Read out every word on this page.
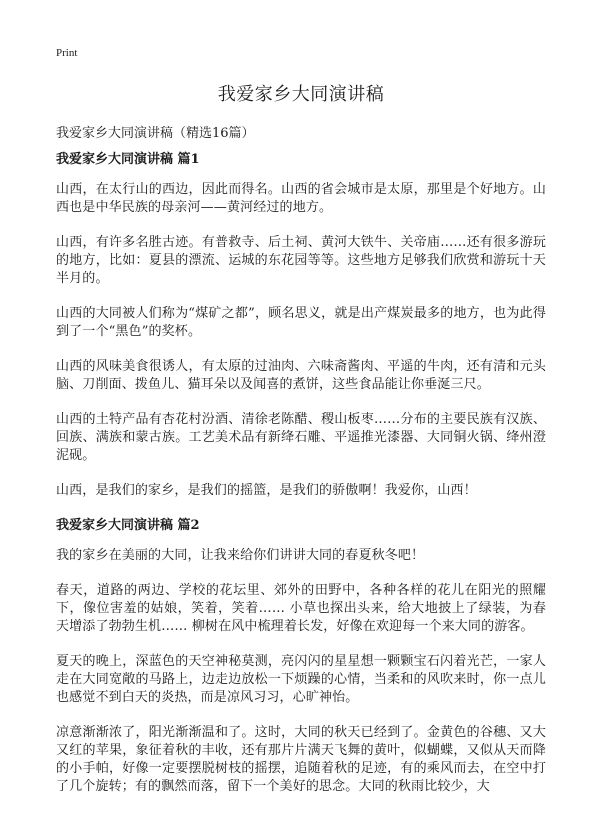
Print
我爱家乡大同演讲稿

我爱家乡大同演讲稿（精选16篇）

我爱家乡大同演讲稿 篇1

山西，在太行山的西边，因此而得名。山西的省会城市是太原，那里是个好地方。山西也是中华民族的母亲河——黄河经过的地方。

山西，有许多名胜古迹。有普救寺、后土祠、黄河大铁牛、关帝庙……还有很多游玩的地方，比如：夏县的漂流、运城的东花园等等。这些地方足够我们欣赏和游玩十天半月的。

山西的大同被人们称为“煤矿之都”，顾名思义，就是出产煤炭最多的地方，也为此得到了一个“黑色”的奖杯。

山西的风味美食很诱人，有太原的过油肉、六味斋酱肉、平遥的牛肉，还有清和元头脑、刀削面、拨鱼儿、猫耳朵以及闻喜的煮饼，这些食品能让你垂涎三尺。

山西的土特产品有杏花村汾酒、清徐老陈醋、稷山板枣……分布的主要民族有汉族、回族、满族和蒙古族。工艺美术品有新绛石雕、平遥推光漆器、大同铜火锅、绛州澄泥砚。

山西，是我们的家乡，是我们的摇篮，是我们的骄傲啊！我爱你，山西！

我爱家乡大同演讲稿 篇2

我的家乡在美丽的大同，让我来给你们讲讲大同的春夏秋冬吧！

春天，道路的两边、学校的花坛里、郊外的田野中，各种各样的花儿在阳光的照耀下，像位害羞的姑娘，笑着，笑着…… 小草也探出头来，给大地披上了绿装，为春天增添了勃勃生机…… 柳树在风中梳理着长发，好像在欢迎每一个来大同的游客。

夏天的晚上，深蓝色的天空神秘莫测，亮闪闪的星星想一颗颗宝石闪着光芒，一家人走在大同宽敞的马路上，边走边放松一下烦躁的心情，当柔和的风吹来时，你一点儿也感觉不到白天的炎热，而是凉风习习，心旷神怡。

凉意渐渐浓了，阳光渐渐温和了。这时，大同的秋天已经到了。金黄色的谷穗、又大又红的苹果，象征着秋的丰收，还有那片片满天飞舞的黄叶，似蝴蝶，又似从天而降的小手帕，好像一定要摆脱树枝的摇摆，追随着秋的足迹，有的乘风而去，在空中打了几个旋转；有的飘然而落，留下一个美好的思念。大同的秋雨比较少，大
